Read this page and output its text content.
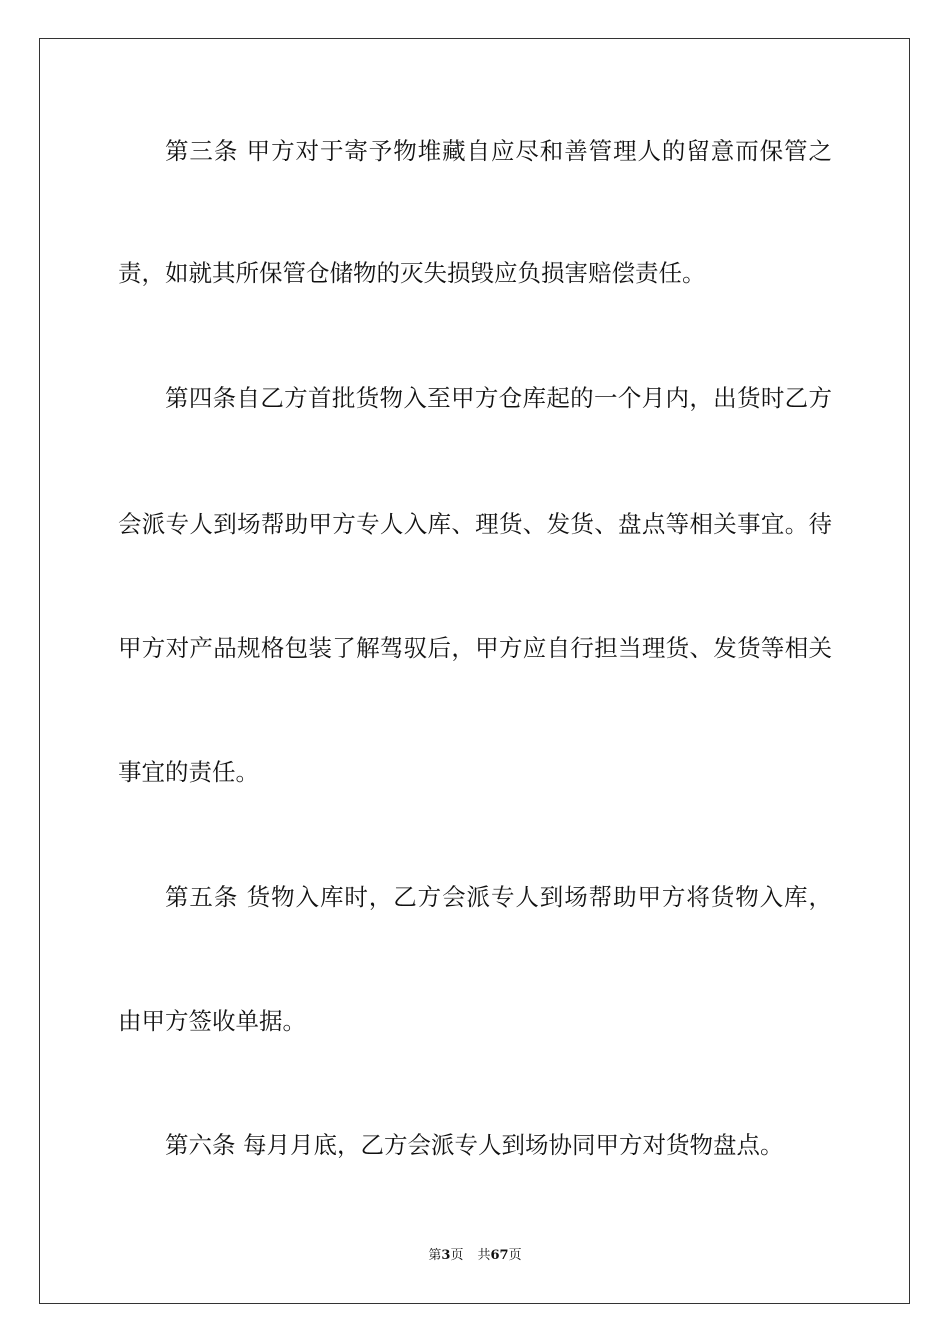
第三条 甲方对于寄予物堆藏自应尽和善管理人的留意而保管之
责，如就其所保管仓储物的灭失损毁应负损害赔偿责任。
第四条自乙方首批货物入至甲方仓库起的一个月内，出货时乙方
会派专人到场帮助甲方专人入库、理货、发货、盘点等相关事宜。待
甲方对产品规格包装了解驾驭后，甲方应自行担当理货、发货等相关
事宜的责任。
第五条 货物入库时，乙方会派专人到场帮助甲方将货物入库，
由甲方签收单据。
第六条 每月月底，乙方会派专人到场协同甲方对货物盘点。
第3页 共67页
